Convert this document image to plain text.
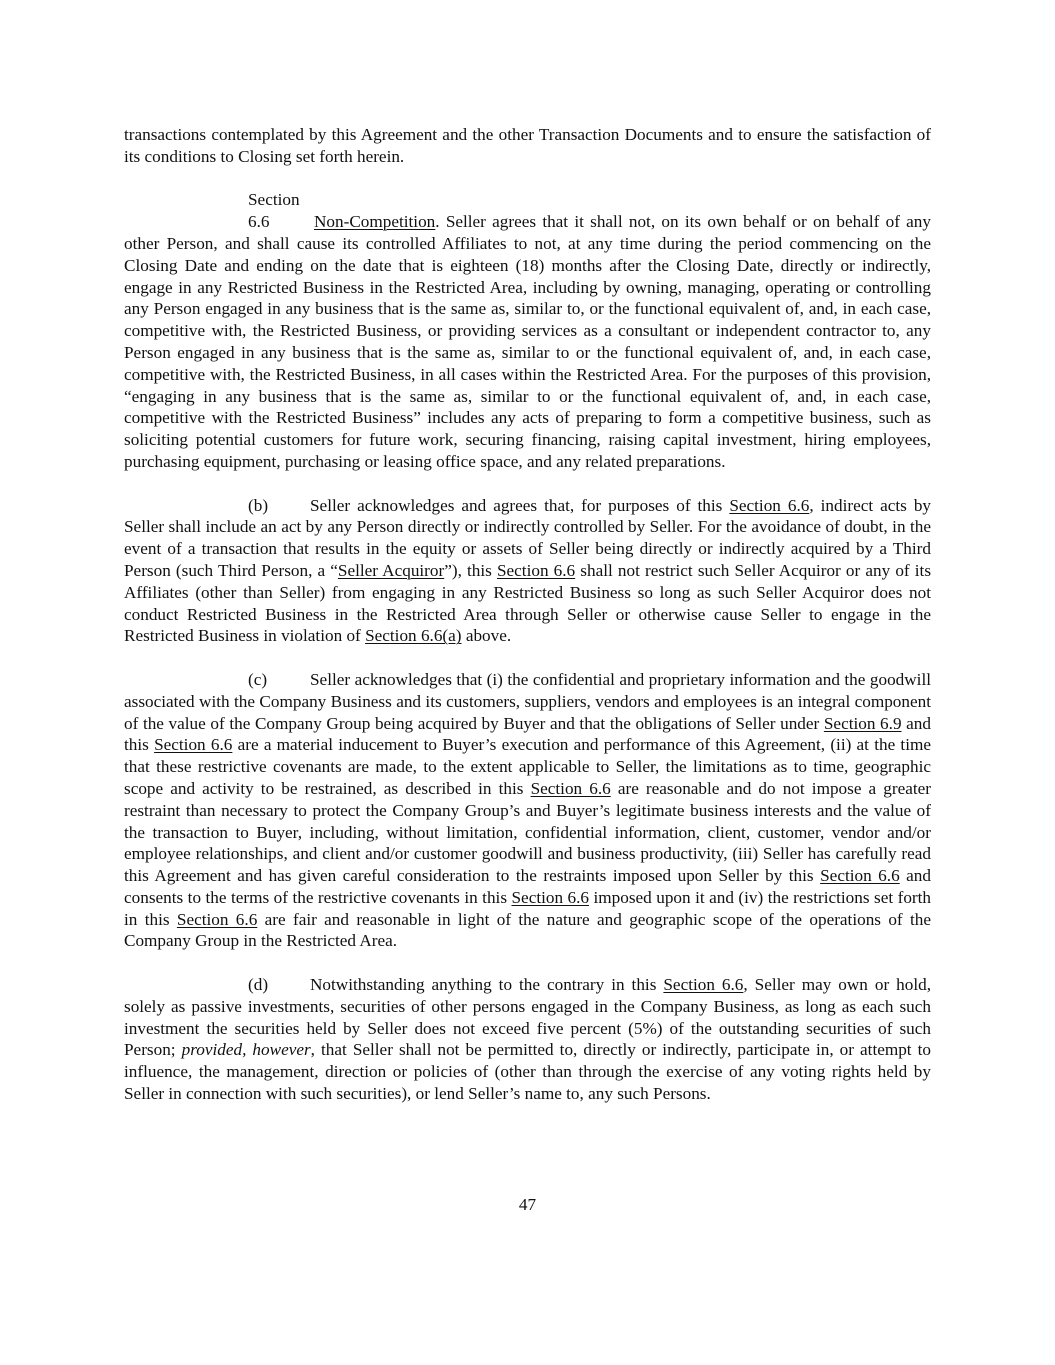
transactions contemplated by this Agreement and the other Transaction Documents and to ensure the satisfaction of its conditions to Closing set forth herein.

Section 6.6	Non-Competition. Seller agrees that it shall not, on its own behalf or on behalf of any other Person, and shall cause its controlled Affiliates to not, at any time during the period commencing on the Closing Date and ending on the date that is eighteen (18) months after the Closing Date, directly or indirectly, engage in any Restricted Business in the Restricted Area, including by owning, managing, operating or controlling any Person engaged in any business that is the same as, similar to, or the functional equivalent of, and, in each case, competitive with, the Restricted Business, or providing services as a consultant or independent contractor to, any Person engaged in any business that is the same as, similar to or the functional equivalent of, and, in each case, competitive with, the Restricted Business, in all cases within the Restricted Area. For the purposes of this provision, “engaging in any business that is the same as, similar to or the functional equivalent of, and, in each case, competitive with the Restricted Business” includes any acts of preparing to form a competitive business, such as soliciting potential customers for future work, securing financing, raising capital investment, hiring employees, purchasing equipment, purchasing or leasing office space, and any related preparations.

(b) Seller acknowledges and agrees that, for purposes of this Section 6.6, indirect acts by Seller shall include an act by any Person directly or indirectly controlled by Seller. For the avoidance of doubt, in the event of a transaction that results in the equity or assets of Seller being directly or indirectly acquired by a Third Person (such Third Person, a “Seller Acquiror”), this Section 6.6 shall not restrict such Seller Acquiror or any of its Affiliates (other than Seller) from engaging in any Restricted Business so long as such Seller Acquiror does not conduct Restricted Business in the Restricted Area through Seller or otherwise cause Seller to engage in the Restricted Business in violation of Section 6.6(a) above.

(c) Seller acknowledges that (i) the confidential and proprietary information and the goodwill associated with the Company Business and its customers, suppliers, vendors and employees is an integral component of the value of the Company Group being acquired by Buyer and that the obligations of Seller under Section 6.9 and this Section 6.6 are a material inducement to Buyer’s execution and performance of this Agreement, (ii) at the time that these restrictive covenants are made, to the extent applicable to Seller, the limitations as to time, geographic scope and activity to be restrained, as described in this Section 6.6 are reasonable and do not impose a greater restraint than necessary to protect the Company Group’s and Buyer’s legitimate business interests and the value of the transaction to Buyer, including, without limitation, confidential information, client, customer, vendor and/or employee relationships, and client and/or customer goodwill and business productivity, (iii) Seller has carefully read this Agreement and has given careful consideration to the restraints imposed upon Seller by this Section 6.6 and consents to the terms of the restrictive covenants in this Section 6.6 imposed upon it and (iv) the restrictions set forth in this Section 6.6 are fair and reasonable in light of the nature and geographic scope of the operations of the Company Group in the Restricted Area.

(d) Notwithstanding anything to the contrary in this Section 6.6, Seller may own or hold, solely as passive investments, securities of other persons engaged in the Company Business, as long as each such investment the securities held by Seller does not exceed five percent (5%) of the outstanding securities of such Person; provided, however, that Seller shall not be permitted to, directly or indirectly, participate in, or attempt to influence, the management, direction or policies of (other than through the exercise of any voting rights held by Seller in connection with such securities), or lend Seller’s name to, any such Persons.

47
